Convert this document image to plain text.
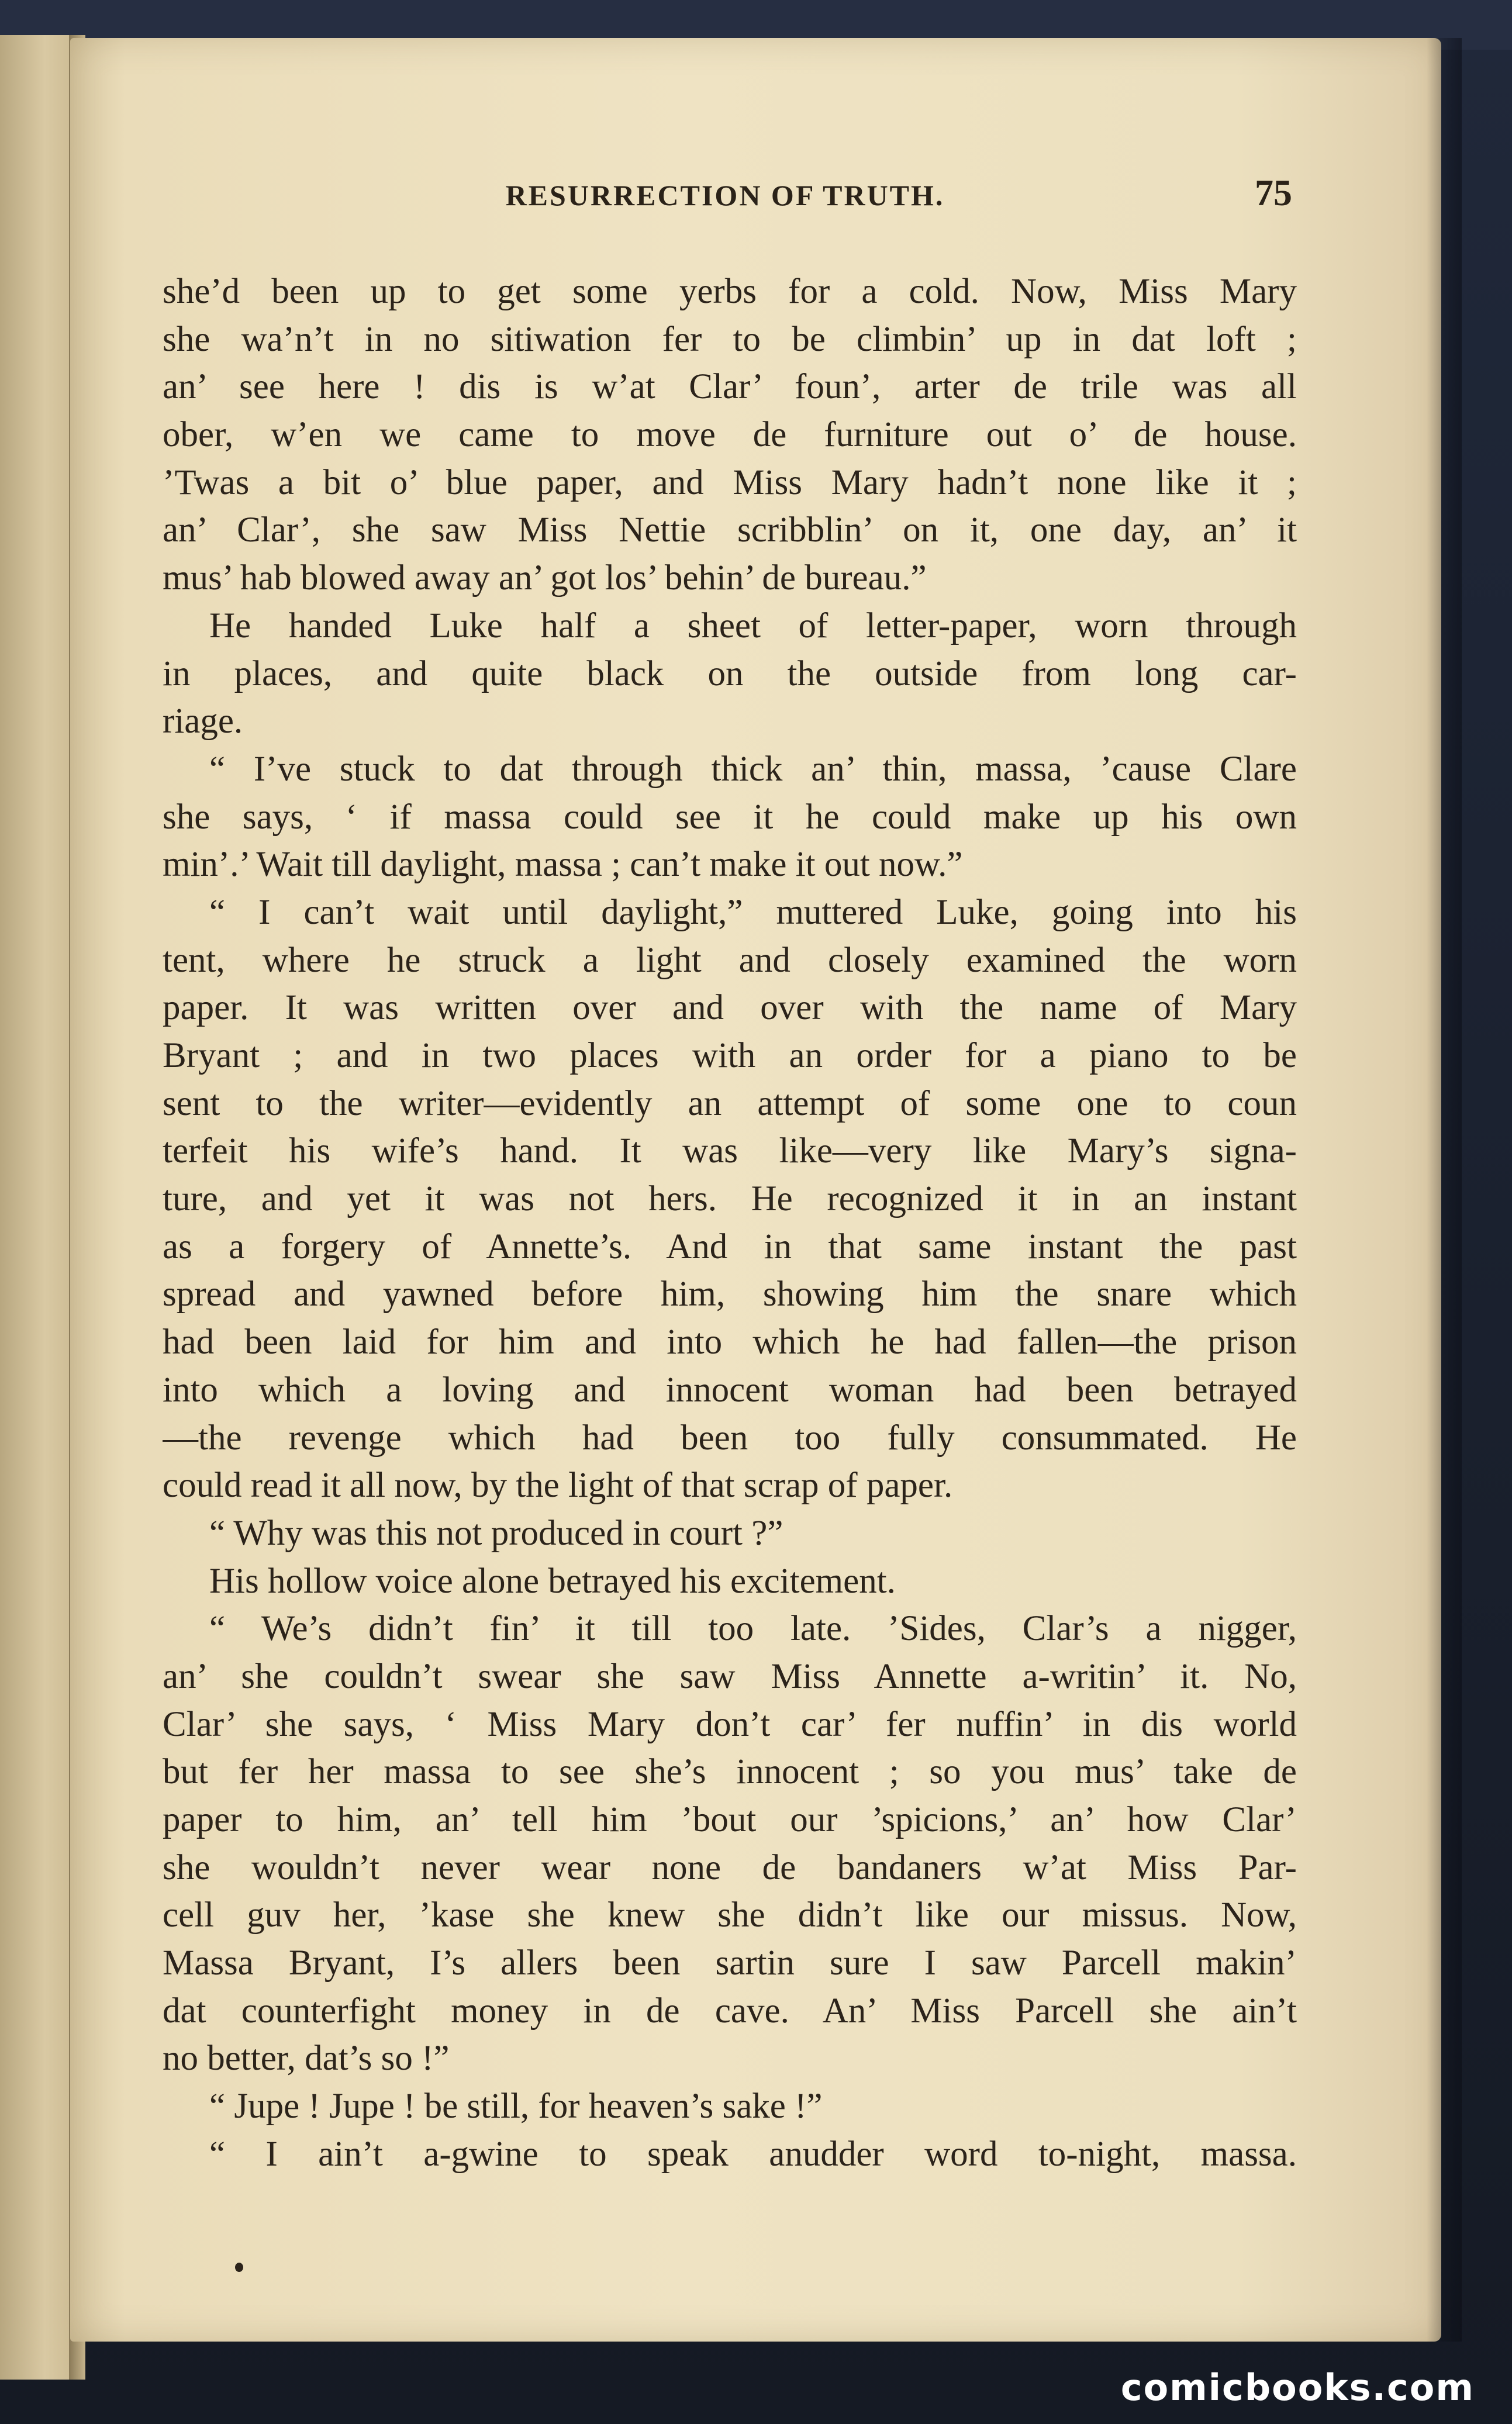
RESURRECTION OF TRUTH.	75
she’d been up to get some yerbs for a cold. Now, Miss Mary
she wa’n’t in no sitiwation fer to be climbin’ up in dat loft ;
an’ see here ! dis is w’at Clar’ foun’, arter de trile was all
ober, w’en we came to move de furniture out o’ de house.
’Twas a bit o’ blue paper, and Miss Mary hadn’t none like it ;
an’ Clar’, she saw Miss Nettie scribblin’ on it, one day, an’ it
mus’ hab blowed away an’ got los’ behin’ de bureau.”
He handed Luke half a sheet of letter-paper, worn through
in places, and quite black on the outside from long car-
riage.
“ I’ve stuck to dat through thick an’ thin, massa, ’cause Clare
she says, ‘ if massa could see it he could make up his own
min’.’ Wait till daylight, massa ; can’t make it out now.”
“ I can’t wait until daylight,” muttered Luke, going into his
tent, where he struck a light and closely examined the worn
paper. It was written over and over with the name of Mary
Bryant ; and in two places with an order for a piano to be
sent to the writer—evidently an attempt of some one to coun
terfeit his wife’s hand. It was like—very like Mary’s signa-
ture, and yet it was not hers. He recognized it in an instant
as a forgery of Annette’s. And in that same instant the past
spread and yawned before him, showing him the snare which
had been laid for him and into which he had fallen—the prison
into which a loving and innocent woman had been betrayed
—the revenge which had been too fully consummated. He
could read it all now, by the light of that scrap of paper.
“ Why was this not produced in court ?”
His hollow voice alone betrayed his excitement.
“ We’s didn’t fin’ it till too late. ’Sides, Clar’s a nigger,
an’ she couldn’t swear she saw Miss Annette a-writin’ it. No,
Clar’ she says, ‘ Miss Mary don’t car’ fer nuffin’ in dis world
but fer her massa to see she’s innocent ; so you mus’ take de
paper to him, an’ tell him ’bout our ’spicions,’ an’ how Clar’
she wouldn’t never wear none de bandaners w’at Miss Par-
cell guv her, ’kase she knew she didn’t like our missus. Now,
Massa Bryant, I’s allers been sartin sure I saw Parcell makin’
dat counterfight money in de cave. An’ Miss Parcell she ain’t
no better, dat’s so !”
“ Jupe ! Jupe ! be still, for heaven’s sake !”
“ I ain’t a-gwine to speak anudder word to-night, massa.
comicbooks.com
